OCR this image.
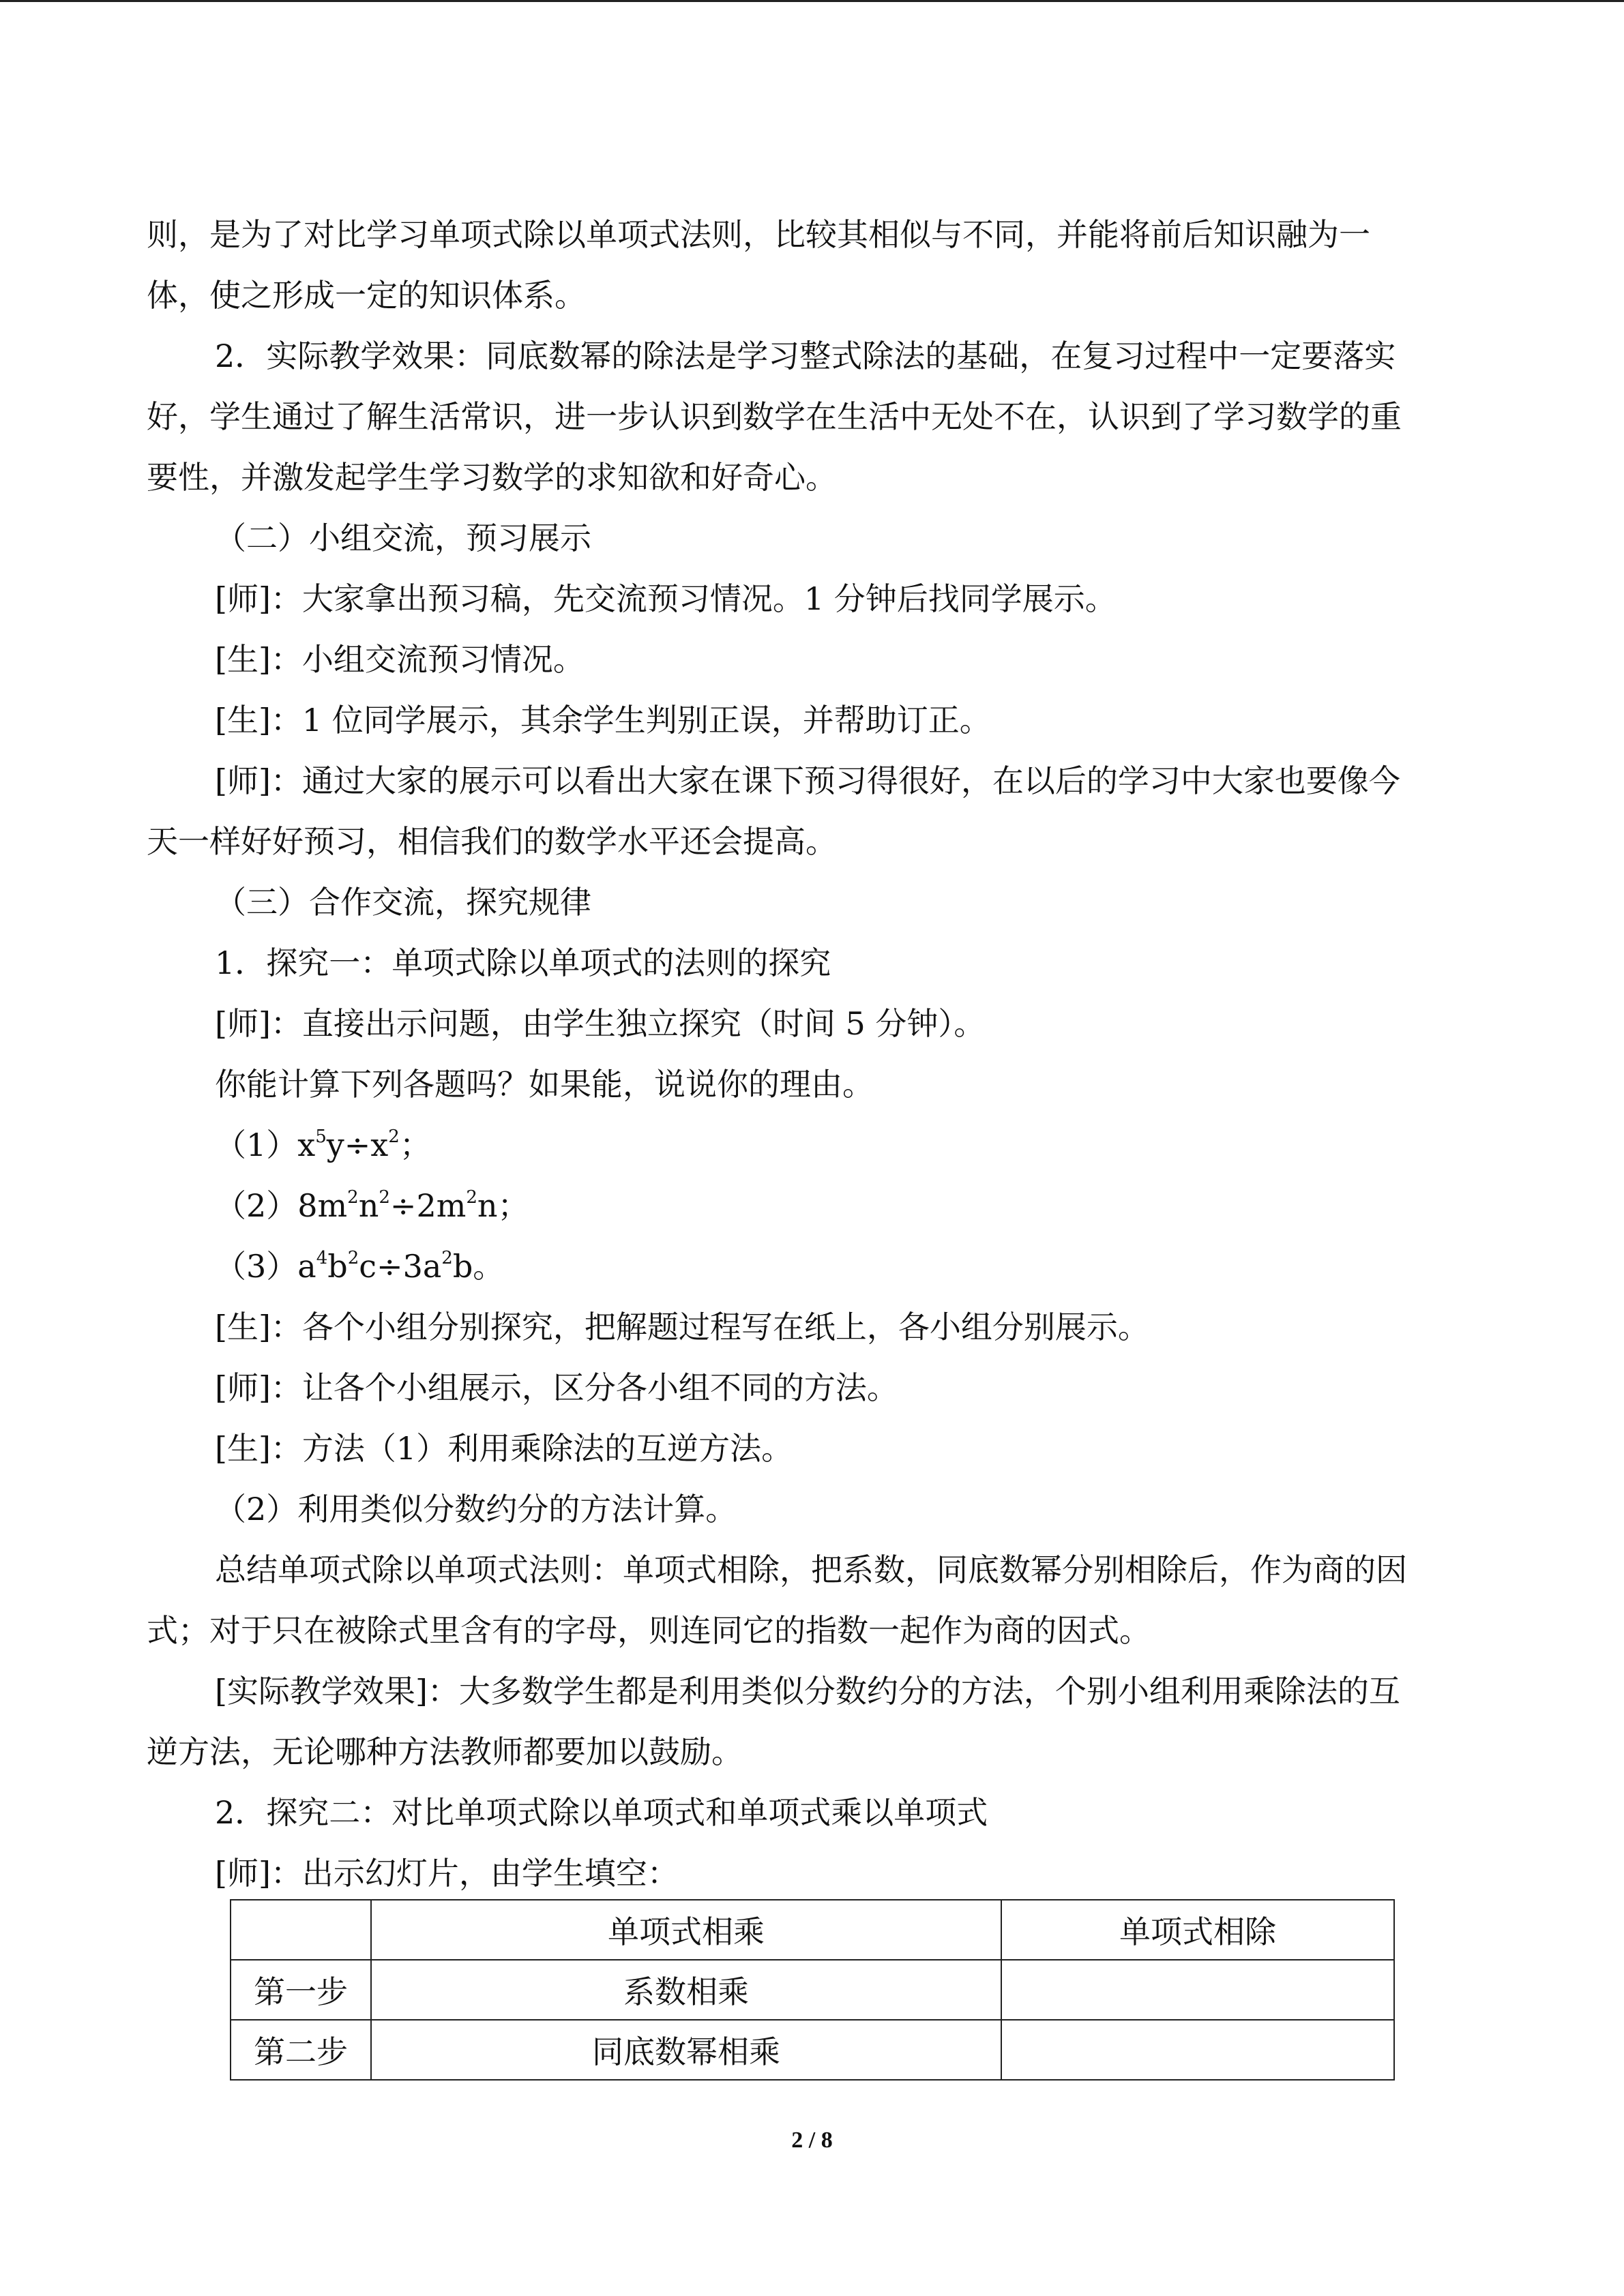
则，是为了对比学习单项式除以单项式法则，比较其相似与不同，并能将前后知识融为一

体，使之形成一定的知识体系。

2．实际教学效果：同底数幂的除法是学习整式除法的基础，在复习过程中一定要落实

好，学生通过了解生活常识，进一步认识到数学在生活中无处不在，认识到了学习数学的重

要性，并激发起学生学习数学的求知欲和好奇心。

（二）小组交流，预习展示

[师]：大家拿出预习稿，先交流预习情况。1 分钟后找同学展示。

[生]：小组交流预习情况。

[生]：1 位同学展示，其余学生判别正误，并帮助订正。

[师]：通过大家的展示可以看出大家在课下预习得很好，在以后的学习中大家也要像今

天一样好好预习，相信我们的数学水平还会提高。

（三）合作交流，探究规律

1．探究一：单项式除以单项式的法则的探究

[师]：直接出示问题，由学生独立探究（时间 5 分钟）。

你能计算下列各题吗？如果能，说说你的理由。

$(1)x^5y\div x^2$；

$(2)8m^2n^2\div 2m^2n$；

$(3)a^4b^2c\div 3a^2b$。

[生]：各个小组分别探究，把解题过程写在纸上，各小组分别展示。

[师]：让各个小组展示，区分各小组不同的方法。

[生]：方法（1）利用乘除法的互逆方法。

（2）利用类似分数约分的方法计算。

总结单项式除以单项式法则：单项式相除，把系数，同底数幂分别相除后，作为商的因

式；对于只在被除式里含有的字母，则连同它的指数一起作为商的因式。

[实际教学效果]：大多数学生都是利用类似分数约分的方法，个别小组利用乘除法的互

逆方法，无论哪种方法教师都要加以鼓励。

2．探究二：对比单项式除以单项式和单项式乘以单项式

[师]：出示幻灯片，由学生填空：

	单项式相乘	单项式相除
第一步	系数相乘	
第二步	同底数幂相乘	
2 / 8
